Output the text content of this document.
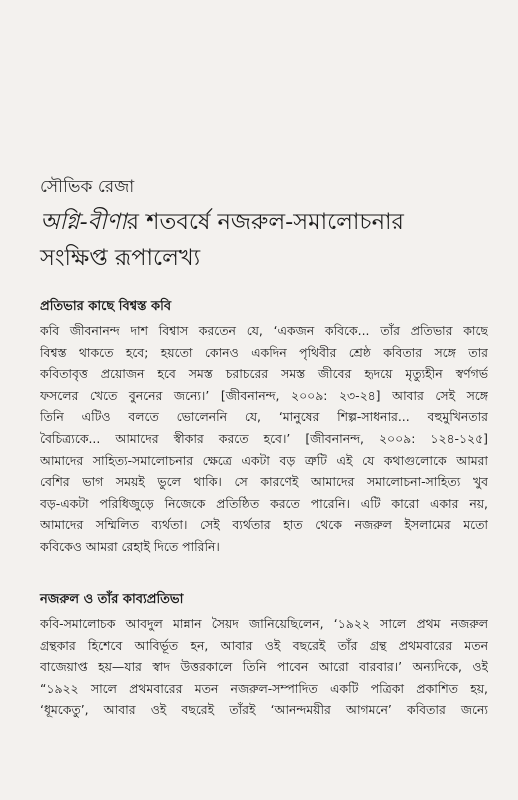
সৌভিক রেজা
অগ্নি-বীণার শতবর্ষে নজরুল-সমালোচনার
সংক্ষিপ্ত রূপালেখ্য
প্রতিভার কাছে বিশ্বস্ত কবি
কবি জীবনানন্দ দাশ বিশ্বাস করতেন যে, ‘একজন কবিকে... তাঁর প্রতিভার কাছে
বিশ্বস্ত থাকতে হবে; হয়তো কোনও একদিন পৃথিবীর শ্রেষ্ঠ কবিতার সঙ্গে তার
কবিতাবৃত্ত প্রয়োজন হবে সমস্ত চরাচরের সমস্ত জীবের হৃদয়ে মৃত্যুহীন স্বর্ণগর্ভ
ফসলের খেতে বুননের জন্যে।’ [জীবনানন্দ, ২০০৯: ২৩-২৪] আবার সেই সঙ্গে
তিনি এটিও বলতে ভোলেননি যে, ‘মানুষের শিল্প-সাধনার... বহুমুখিনতার
বৈচিত্র্যকে... আমাদের স্বীকার করতে হবে।’ [জীবনানন্দ, ২০০৯: ১২৪-১২৫]
আমাদের সাহিত্য-সমালোচনার ক্ষেত্রে একটা বড় ত্রুটি এই যে কথাগুলোকে আমরা
বেশির ভাগ সময়ই ভুলে থাকি। সে কারণেই আমাদের সমালোচনা-সাহিত্য খুব
বড়-একটা পরিধিজুড়ে নিজেকে প্রতিষ্ঠিত করতে পারেনি। এটি কারো একার নয়,
আমাদের সম্মিলিত ব্যর্থতা। সেই ব্যর্থতার হাত থেকে নজরুল ইসলামের মতো
কবিকেও আমরা রেহাই দিতে পারিনি।
নজরুল ও তাঁর কাব্যপ্রতিভা
কবি-সমালোচক আবদুল মান্নান সৈয়দ জানিয়েছিলেন, ‘১৯২২ সালে প্রথম নজরুল
গ্রন্থকার হিশেবে আবির্ভূত হন, আবার ওই বছরেই তাঁর গ্রন্থ প্রথমবারের মতন
বাজেয়াপ্ত হয়—যার স্বাদ উত্তরকালে তিনি পাবেন আরো বারবার।’ অন্যদিকে, ওই
“১৯২২ সালে প্রথমবারের মতন নজরুল-সম্পাদিত একটি পত্রিকা প্রকাশিত হয়,
‘ধূমকেতু’, আবার ওই বছরেই তাঁরই ‘আনন্দময়ীর আগমনে’ কবিতার জন্যে
